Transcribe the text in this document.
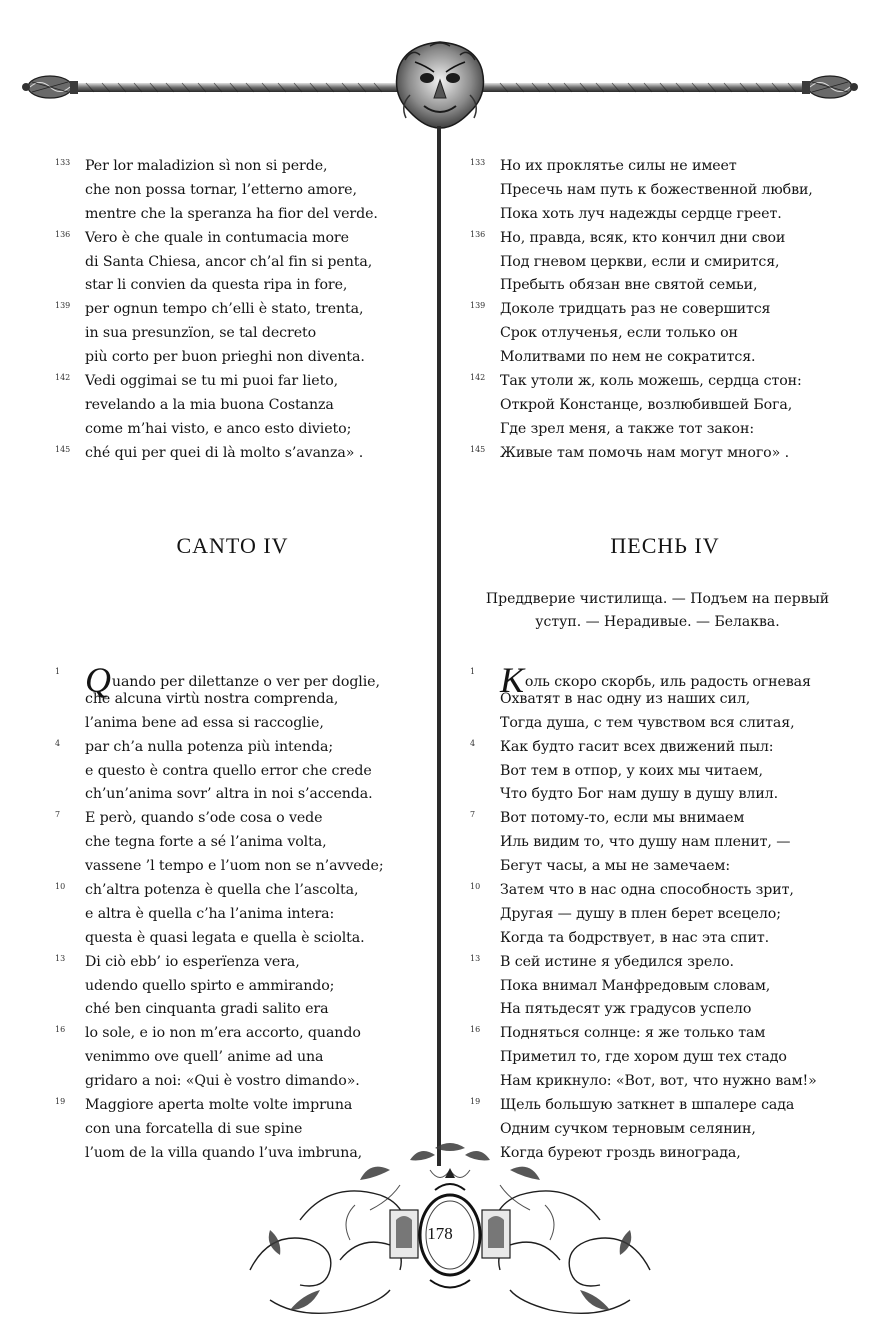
133 Per lor maladizion sì non si perde,
che non possa tornar, l’etterno amore,
mentre che la speranza ha fior del verde.
136 Vero è che quale in contumacia more
di Santa Chiesa, ancor ch’al fin si penta,
star li convien da questa ripa in fore,
139 per ognun tempo ch’elli è stato, trenta,
in sua presunzïon, se tal decreto
più corto per buon prieghi non diventa.
142 Vedi oggimai se tu mi puoi far lieto,
revelando a la mia buona Costanza
come m’hai visto, e anco esto divieto;
145 ché qui per quei di là molto s’avanza» .
133 Но их проклятье силы не имеет
Пресечь нам путь к божественной любви,
Пока хоть луч надежды сердце греет.
136 Но, правда, всяк, кто кончил дни свои
Под гневом церкви, если и смирится,
Пребыть обязан вне святой семьи,
139 Доколе тридцать раз не совершится
Срок отлученья, если только он
Молитвами по нем не сократится.
142 Так утоли ж, коль можешь, сердца стон:
Открой Констанце, возлюбившей Бога,
Где зрел меня, а также тот закон:
145 Живые там помочь нам могут много» .
CANTO IV	ПЕСНЬ IV
Преддверие чистилища. — Подъем на первый уступ. — Нерадивые. — Белаква.
1 Quando per dilettanze o ver per doglie,
che alcuna virtù nostra comprenda,
l’anima bene ad essa si raccoglie,
4 par ch’a nulla potenza più intenda;
e questo è contra quello error che crede
ch’un’anima sovr’ altra in noi s’accenda.
7 E però, quando s’ode cosa o vede
che tegna forte a sé l’anima volta,
vassene ’l tempo e l’uom non se n’avvede;
10 ch’altra potenza è quella che l’ascolta,
e altra è quella c’ha l’anima intera:
questa è quasi legata e quella è sciolta.
13 Di ciò ebb’ io esperïenza vera,
udendo quello spirto e ammirando;
ché ben cinquanta gradi salito era
16 lo sole, e io non m’era accorto, quando
venimmo ove quell’ anime ad una
gridaro a noi: «Qui è vostro dimando».
19 Maggiore aperta molte volte impruna
con una forcatella di sue spine
l’uom de la villa quando l’uva imbruna,
1 Коль скоро скорбь, иль радость огневая
Охватят в нас одну из наших сил,
Тогда душа, с тем чувством вся слитая,
4 Как будто гасит всех движений пыл:
Вот тем в отпор, у коих мы читаем,
Что будто Бог нам душу в душу влил.
7 Вот потому-то, если мы внимаем
Иль видим то, что душу нам пленит, —
Бегут часы, а мы не замечаем:
10 Затем что в нас одна способность зрит,
Другая — душу в плен берет всецело;
Когда та бодрствует, в нас эта спит.
13 В сей истине я убедился зрело.
Пока внимал Манфредовым словам,
На пятьдесят уж градусов успело
16 Подняться солнце: я же только там
Приметил то, где хором душ тех стадо
Нам крикнуло: «Вот, вот, что нужно вам!»
19 Щель большую заткнет в шпалере сада
Одним сучком терновым селянин,
Когда буреют гроздь винограда,
178
